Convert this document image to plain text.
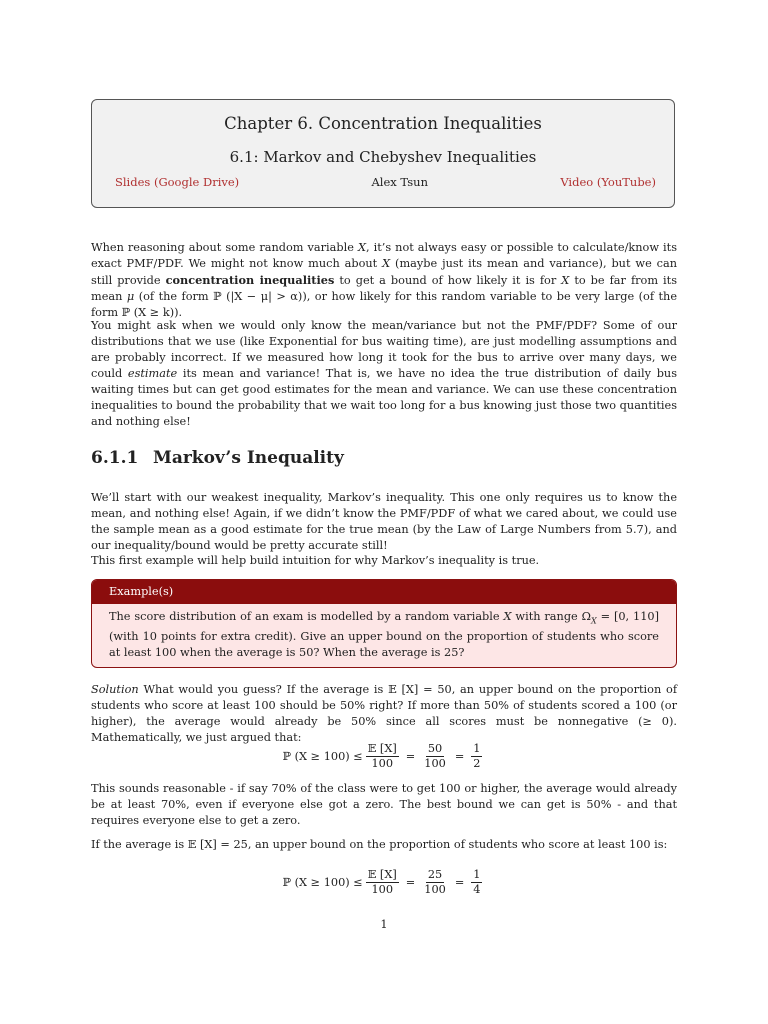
Chapter 6. Concentration Inequalities
6.1: Markov and Chebyshev Inequalities
Slides (Google Drive)	Alex Tsun	Video (YouTube)

When reasoning about some random variable X, it’s not always easy or possible to calculate/know its exact PMF/PDF. We might not know much about X (maybe just its mean and variance), but we can still provide concentration inequalities to get a bound of how likely it is for X to be far from its mean μ (of the form ℙ (|X − μ| > α)), or how likely for this random variable to be very large (of the form ℙ (X ≥ k)).

You might ask when we would only know the mean/variance but not the PMF/PDF? Some of our distributions that we use (like Exponential for bus waiting time), are just modelling assumptions and are probably incorrect. If we measured how long it took for the bus to arrive over many days, we could estimate its mean and variance! That is, we have no idea the true distribution of daily bus waiting times but can get good estimates for the mean and variance. We can use these concentration inequalities to bound the probability that we wait too long for a bus knowing just those two quantities and nothing else!

6.1.1 Markov’s Inequality

We’ll start with our weakest inequality, Markov’s inequality. This one only requires us to know the mean, and nothing else! Again, if we didn’t know the PMF/PDF of what we cared about, we could use the sample mean as a good estimate for the true mean (by the Law of Large Numbers from 5.7), and our inequality/bound would be pretty accurate still!

This first example will help build intuition for why Markov’s inequality is true.

Example(s)
The score distribution of an exam is modelled by a random variable X with range $\Omega_X = [0$, 110] (with 10 points for extra credit). Give an upper bound on the proportion of students who score at least 100 when the average is 50? When the average is 25?

Solution What would you guess? If the average is 𝔼 [X] = 50, an upper bound on the proportion of students who score at least 100 should be 50% right? If more than 50% of students scored a 100 (or higher), the average would already be 50% since all scores must be nonnegative (≥ 0). Mathematically, we just argued that:

ℙ $(X \ge 100) \le \frac{\text{𝔼 [X]}}{100} = \frac{50}{100} = \frac{1}{2}$

This sounds reasonable - if say 70% of the class were to get 100 or higher, the average would already be at least 70%, even if everyone else got a zero. The best bound we can get is 50% - and that requires everyone else to get a zero.

If the average is 𝔼 [X] = 25, an upper bound on the proportion of students who score at least 100 is:

ℙ $(X \ge 100) \le \frac{\text{𝔼 [X]}}{100} = \frac{25}{100} = \frac{1}{4}$
1
